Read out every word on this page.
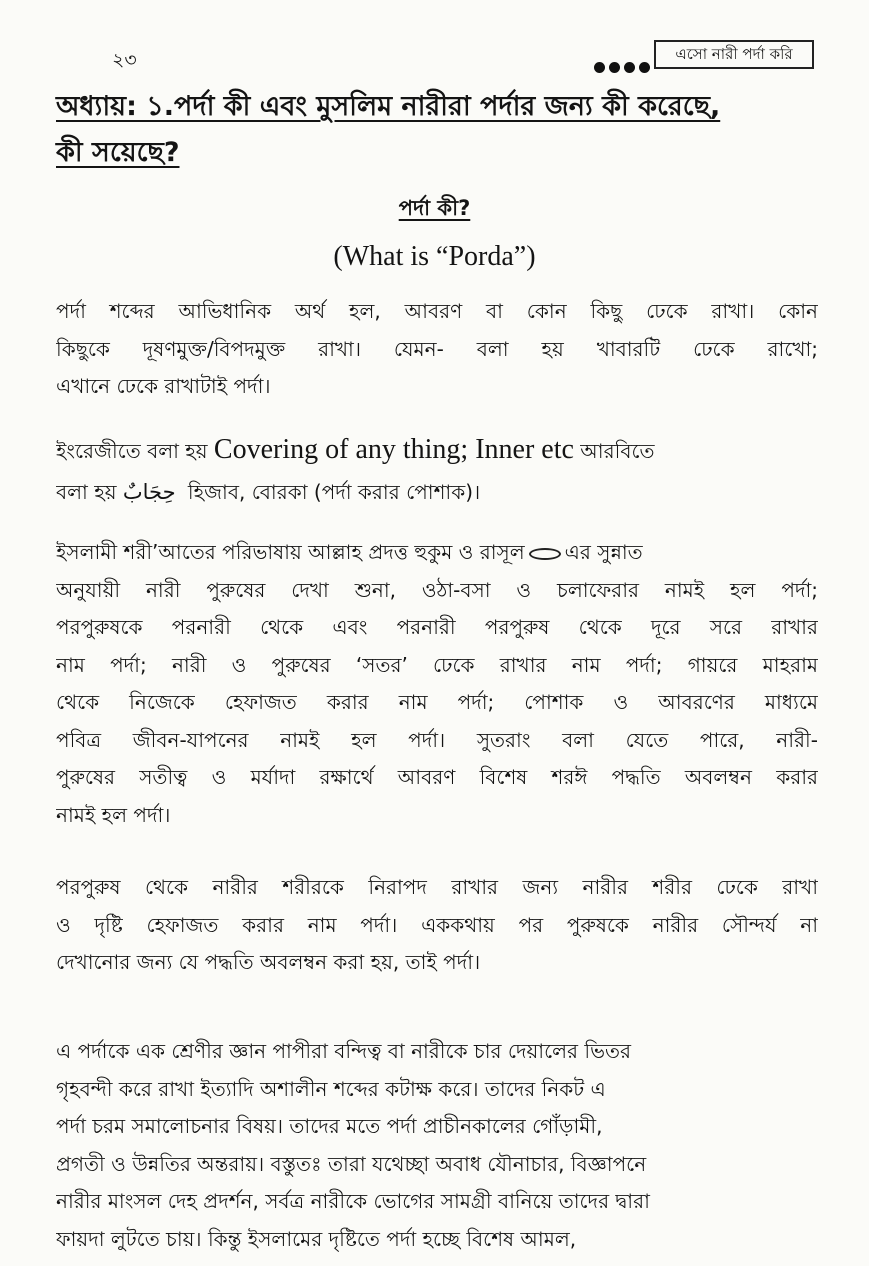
২৩	এসো নারী পর্দা করি
অধ্যায়: ১.পর্দা কী এবং মুসলিম নারীরা পর্দার জন্য কী করেছে,
কী সয়েছে?
পর্দা কী?
(What is “Porda”)

পর্দা শব্দের আভিধানিক অর্থ হল, আবরণ বা কোন কিছু ঢেকে রাখা। কোন
কিছুকে দূষণমুক্ত/বিপদমুক্ত রাখা। যেমন- বলা হয় খাবারটি ঢেকে রাখো;
এখানে ঢেকে রাখাটাই পর্দা।

ইংরেজীতে বলা হয় Covering of any thing; Inner etc আরবিতে
বলা হয় حِجَابٌ হিজাব, বোরকা (পর্দা করার পোশাক)।

ইসলামী শরী’আতের পরিভাষায় আল্লাহ প্রদত্ত হুকুম ও রাসূল এর সুন্নাত
অনুযায়ী নারী পুরুষের দেখা শুনা, ওঠা-বসা ও চলাফেরার নামই হল পর্দা;
পরপুরুষকে পরনারী থেকে এবং পরনারী পরপুরুষ থেকে দূরে সরে রাখার
নাম পর্দা; নারী ও পুরুষের ‘সতর’ ঢেকে রাখার নাম পর্দা; গায়রে মাহরাম
থেকে নিজেকে হেফাজত করার নাম পর্দা; পোশাক ও আবরণের মাধ্যমে
পবিত্র জীবন-যাপনের নামই হল পর্দা। সুতরাং বলা যেতে পারে, নারী-
পুরুষের সতীত্ব ও মর্যাদা রক্ষার্থে আবরণ বিশেষ শরঈ পদ্ধতি অবলম্বন করার
নামই হল পর্দা।

পরপুরুষ থেকে নারীর শরীরকে নিরাপদ রাখার জন্য নারীর শরীর ঢেকে রাখা
ও দৃষ্টি হেফাজত করার নাম পর্দা। এককথায় পর পুরুষকে নারীর সৌন্দর্য না
দেখানোর জন্য যে পদ্ধতি অবলম্বন করা হয়, তাই পর্দা।

এ পর্দাকে এক শ্রেণীর জ্ঞান পাপীরা বন্দিত্ব বা নারীকে চার দেয়ালের ভিতর
গৃহবন্দী করে রাখা ইত্যাদি অশালীন শব্দের কটাক্ষ করে। তাদের নিকট এ
পর্দা চরম সমালোচনার বিষয়। তাদের মতে পর্দা প্রাচীনকালের গোঁড়ামী,
প্রগতী ও উন্নতির অন্তরায়। বস্তুতঃ তারা যথেচ্ছা অবাধ যৌনাচার, বিজ্ঞাপনে
নারীর মাংসল দেহ প্রদর্শন, সর্বত্র নারীকে ভোগের সামগ্রী বানিয়ে তাদের দ্বারা
ফায়দা লুটতে চায়। কিন্তু ইসলামের দৃষ্টিতে পর্দা হচ্ছে বিশেষ আমল,
